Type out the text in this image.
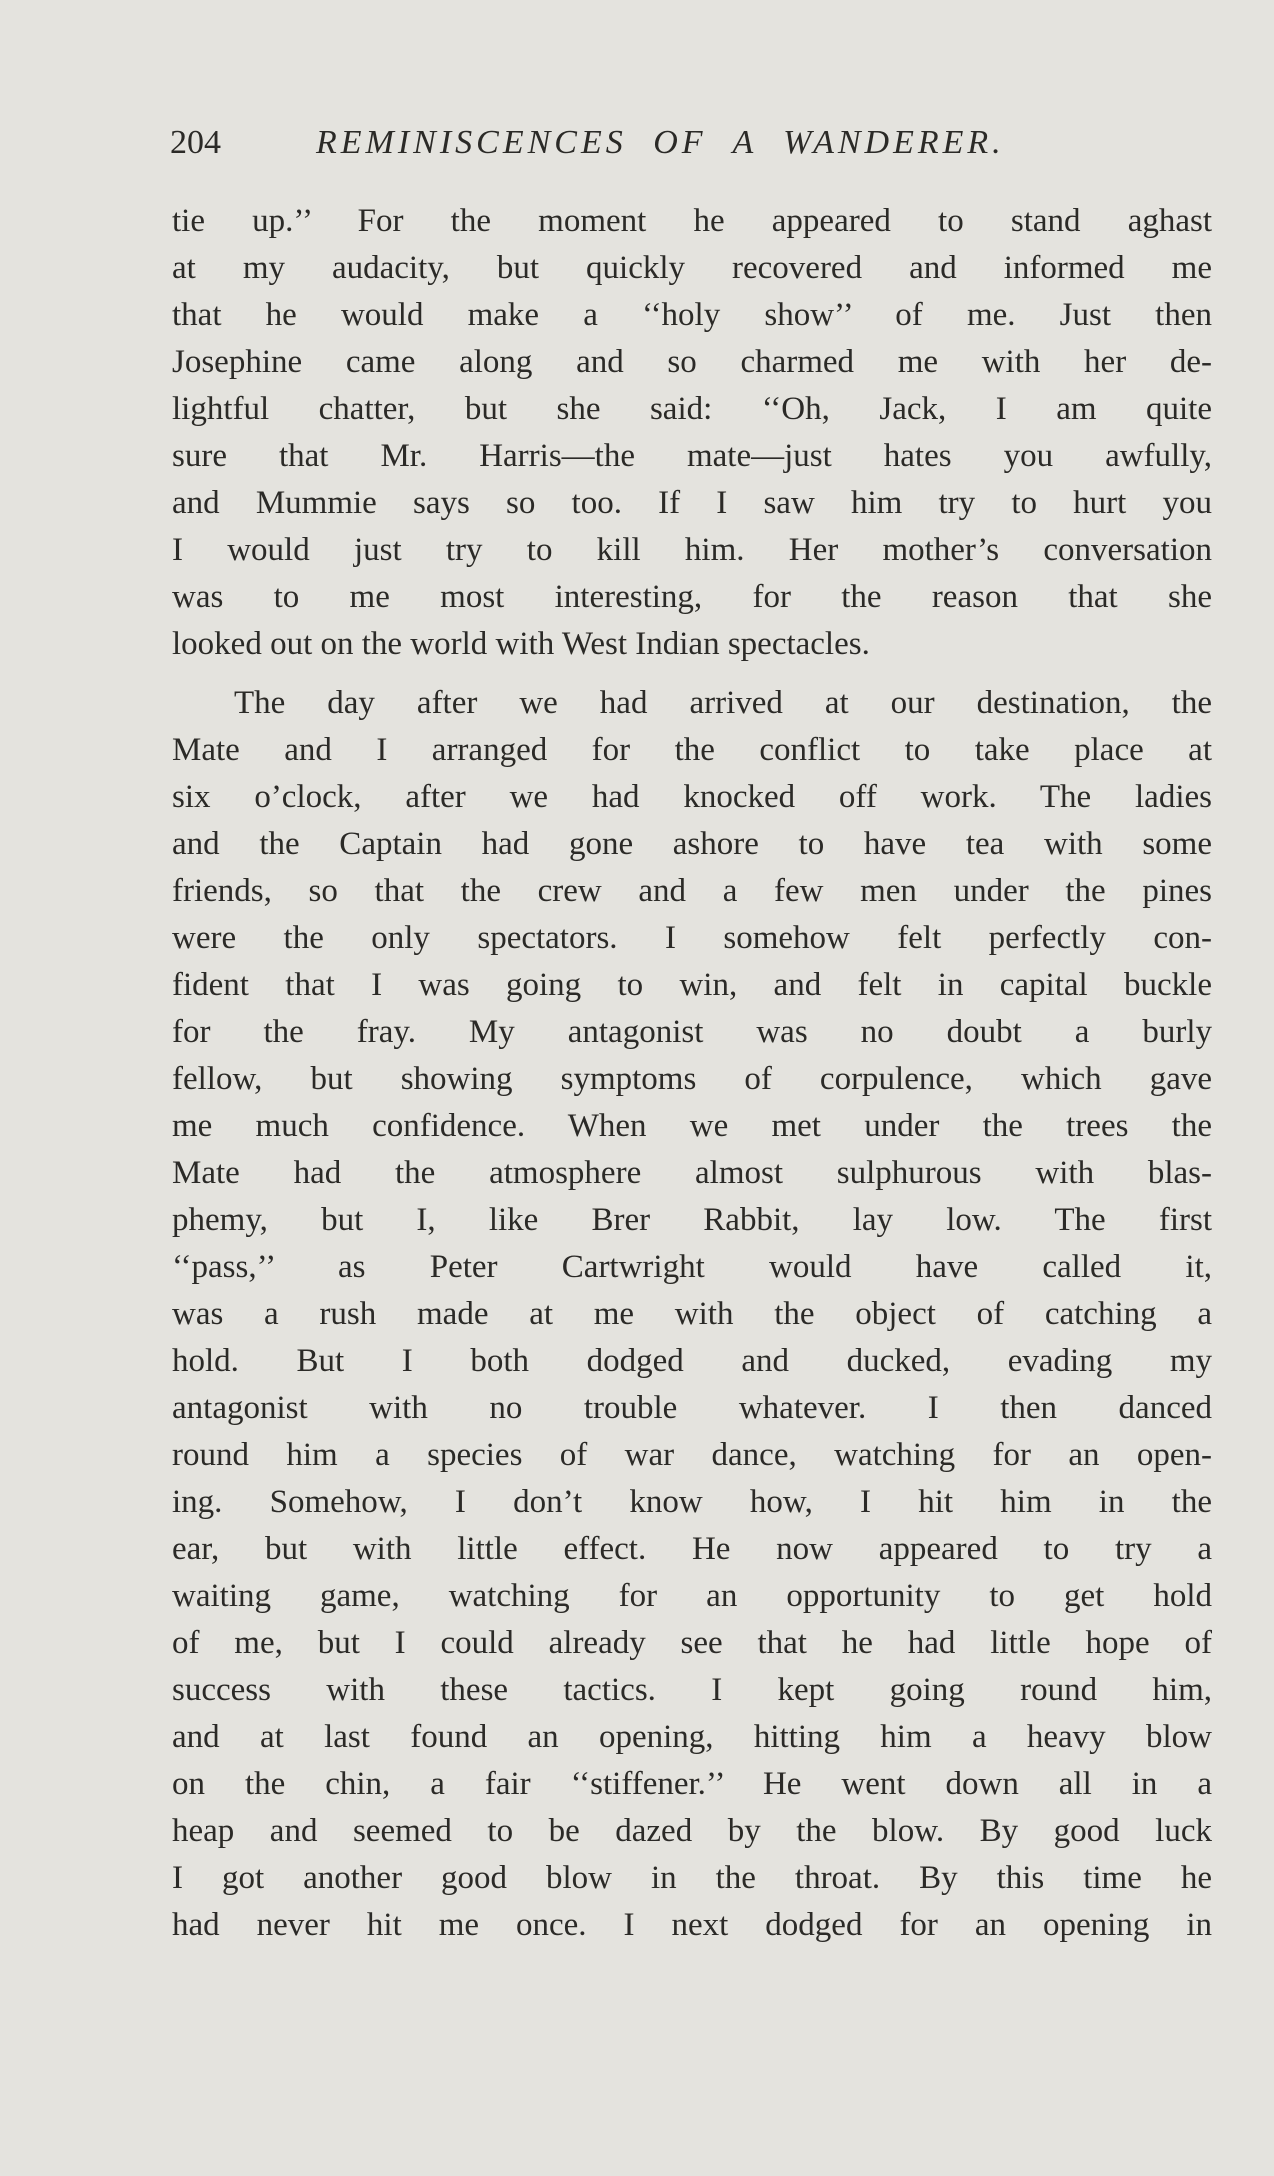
204	REMINISCENCES OF A WANDERER.
tie up.’’ For the moment he appeared to stand aghast
at my audacity, but quickly recovered and informed me
that he would make a ‘‘holy show’’ of me. Just then
Josephine came along and so charmed me with her de-
lightful chatter, but she said: ‘‘Oh, Jack, I am quite
sure that Mr. Harris—the mate—just hates you awfully,
and Mummie says so too. If I saw him try to hurt you
I would just try to kill him. Her mother’s conversation
was to me most interesting, for the reason that she
looked out on the world with West Indian spectacles.
The day after we had arrived at our destination, the
Mate and I arranged for the conflict to take place at
six o’clock, after we had knocked off work. The ladies
and the Captain had gone ashore to have tea with some
friends, so that the crew and a few men under the pines
were the only spectators. I somehow felt perfectly con-
fident that I was going to win, and felt in capital buckle
for the fray. My antagonist was no doubt a burly
fellow, but showing symptoms of corpulence, which gave
me much confidence. When we met under the trees the
Mate had the atmosphere almost sulphurous with blas-
phemy, but I, like Brer Rabbit, lay low. The first
‘‘pass,’’ as Peter Cartwright would have called it,
was a rush made at me with the object of catching a
hold. But I both dodged and ducked, evading my
antagonist with no trouble whatever. I then danced
round him a species of war dance, watching for an open-
ing. Somehow, I don’t know how, I hit him in the
ear, but with little effect. He now appeared to try a
waiting game, watching for an opportunity to get hold
of me, but I could already see that he had little hope of
success with these tactics. I kept going round him,
and at last found an opening, hitting him a heavy blow
on the chin, a fair ‘‘stiffener.’’ He went down all in a
heap and seemed to be dazed by the blow. By good luck
I got another good blow in the throat. By this time he
had never hit me once. I next dodged for an opening in
